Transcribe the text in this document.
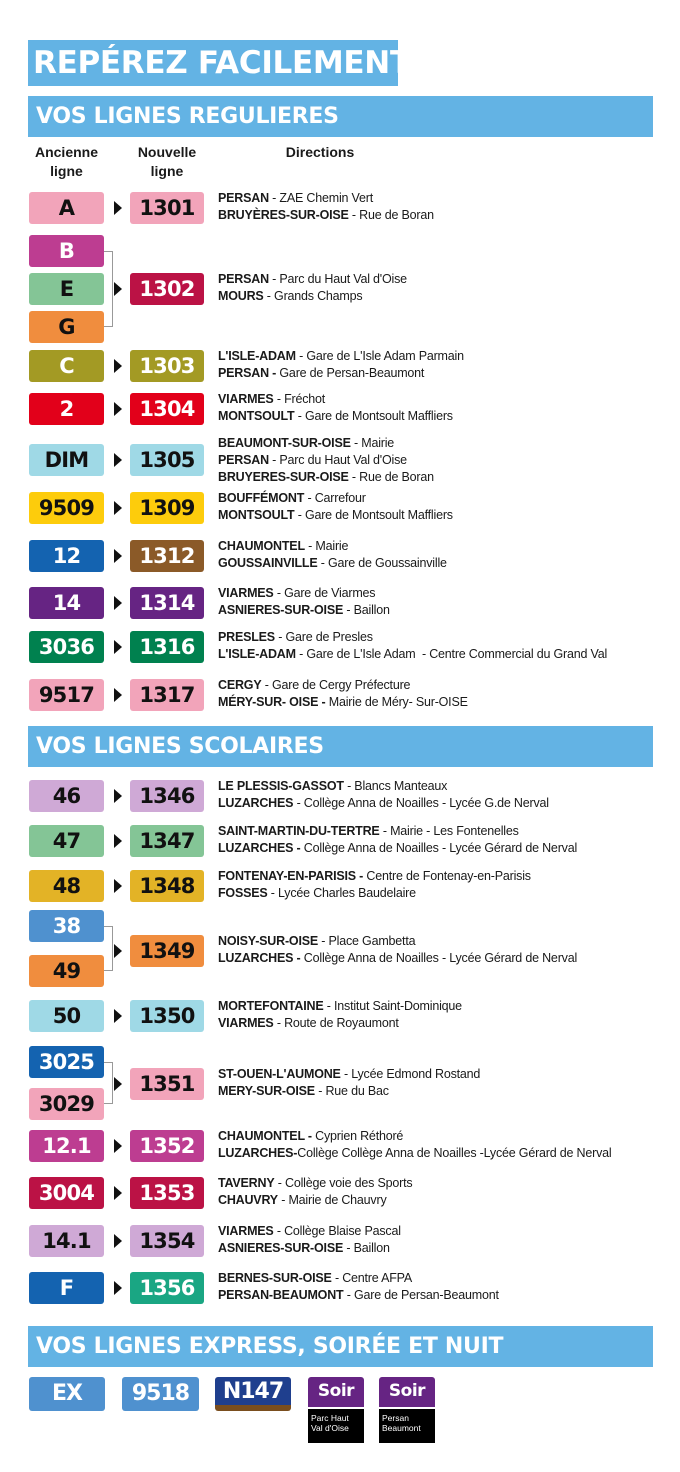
REPÉREZ FACILEMENT
VOS LIGNES REGULIERES
Ancienne
ligne
Nouvelle
ligne
Directions
A	1301	PERSAN - ZAE Chemin Vert
BRUYÈRES-SUR-OISE - Rue de Boran
B
E
G
1302	PERSAN - Parc du Haut Val d'Oise
MOURS - Grands Champs
C	1303	L'ISLE-ADAM - Gare de L'Isle Adam Parmain
PERSAN - Gare de Persan-Beaumont
2	1304	VIARMES - Fréchot
MONTSOULT - Gare de Montsoult Maffliers
DIM	1305
BEAUMONT-SUR-OISE - Mairie
PERSAN - Parc du Haut Val d'Oise
BRUYERES-SUR-OISE - Rue de Boran
9509	1309	BOUFFÉMONT - Carrefour
MONTSOULT - Gare de Montsoult Maffliers
12	1312	CHAUMONTEL - Mairie
GOUSSAINVILLE - Gare de Goussainville
14	1314	VIARMES - Gare de Viarmes
ASNIERES-SUR-OISE - Baillon
3036	1316	PRESLES - Gare de Presles
L'ISLE-ADAM - Gare de L'Isle Adam  - Centre Commercial du Grand Val
9517	1317	CERGY - Gare de Cergy Préfecture
MÉRY-SUR- OISE - Mairie de Méry- Sur-OISE
46	1346	LE PLESSIS-GASSOT - Blancs Manteaux
LUZARCHES - Collège Anna de Noailles - Lycée G.de Nerval
47	1347	SAINT-MARTIN-DU-TERTRE - Mairie - Les Fontenelles
LUZARCHES - Collège Anna de Noailles - Lycée Gérard de Nerval
48	1348	FONTENAY-EN-PARISIS - Centre de Fontenay-en-Parisis
FOSSES - Lycée Charles Baudelaire
38
49
1349	NOISY-SUR-OISE - Place Gambetta
LUZARCHES - Collège Anna de Noailles - Lycée Gérard de Nerval
50	1350	MORTEFONTAINE - Institut Saint-Dominique
VIARMES - Route de Royaumont
3025
3029
1351	ST-OUEN-L'AUMONE - Lycée Edmond Rostand
MERY-SUR-OISE - Rue du Bac
12.1	1352	CHAUMONTEL - Cyprien Réthoré
LUZARCHES-Collège Collège Anna de Noailles -Lycée Gérard de Nerval
3004	1353	TAVERNY - Collège voie des Sports
CHAUVRY - Mairie de Chauvry
14.1	1354	VIARMES - Collège Blaise Pascal
ASNIERES-SUR-OISE - Baillon
F	1356	BERNES-SUR-OISE - Centre AFPA
PERSAN-BEAUMONT - Gare de Persan-Beaumont
VOS LIGNES SCOLAIRES
VOS LIGNES EXPRESS, SOIRÉE ET NUIT
EX 100
9518	N147	Soir
Parc Haut
Val d'Oise
Soir
Persan
Beaumont
